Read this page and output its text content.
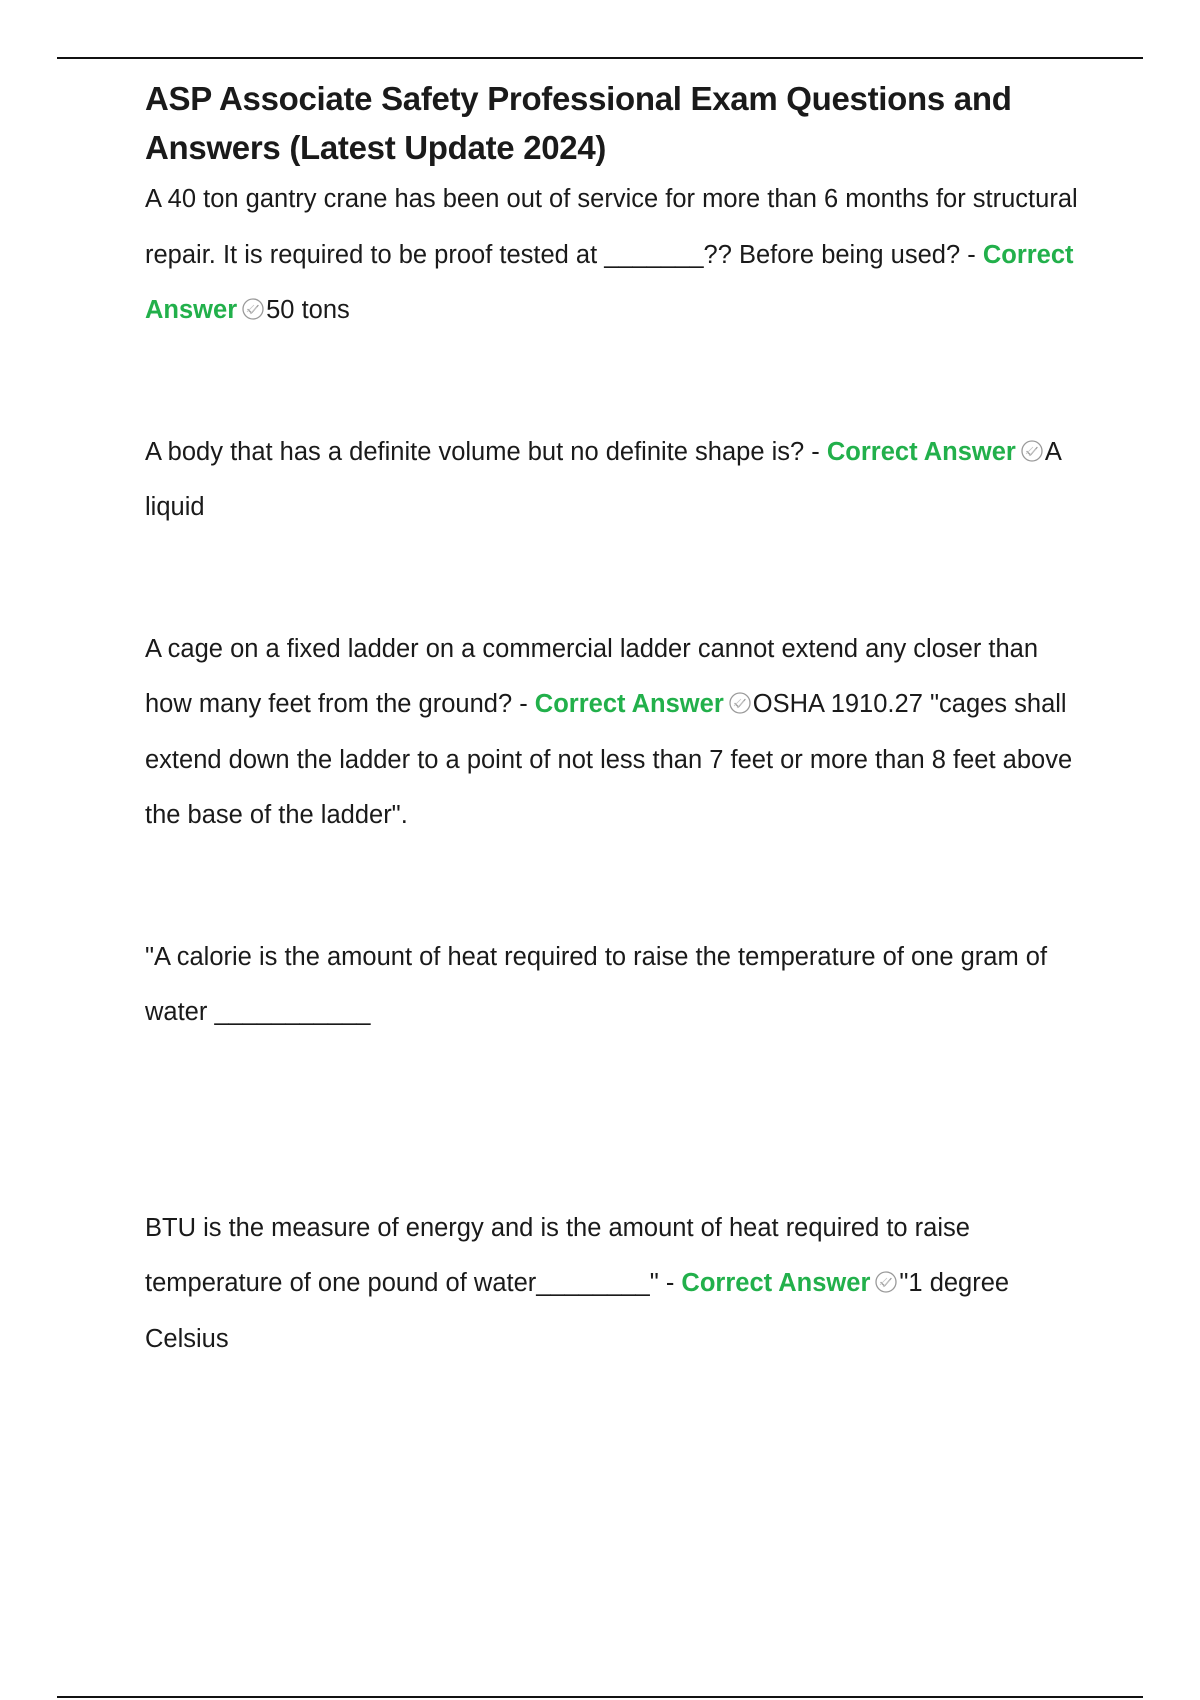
ASP Associate Safety Professional Exam Questions and Answers (Latest Update 2024)

A 40 ton gantry crane has been out of service for more than 6 months for structural repair. It is required to be proof tested at _______?? Before being used? - Correct Answer 50 tons

A body that has a definite volume but no definite shape is? - Correct Answer A liquid

A cage on a fixed ladder on a commercial ladder cannot extend any closer than how many feet from the ground? - Correct Answer OSHA 1910.27 "cages shall extend down the ladder to a point of not less than 7 feet or more than 8 feet above the base of the ladder".

"A calorie is the amount of heat required to raise the temperature of one gram of water ___________

BTU is the measure of energy and is the amount of heat required to raise temperature of one pound of water________" - Correct Answer "1 degree Celsius
